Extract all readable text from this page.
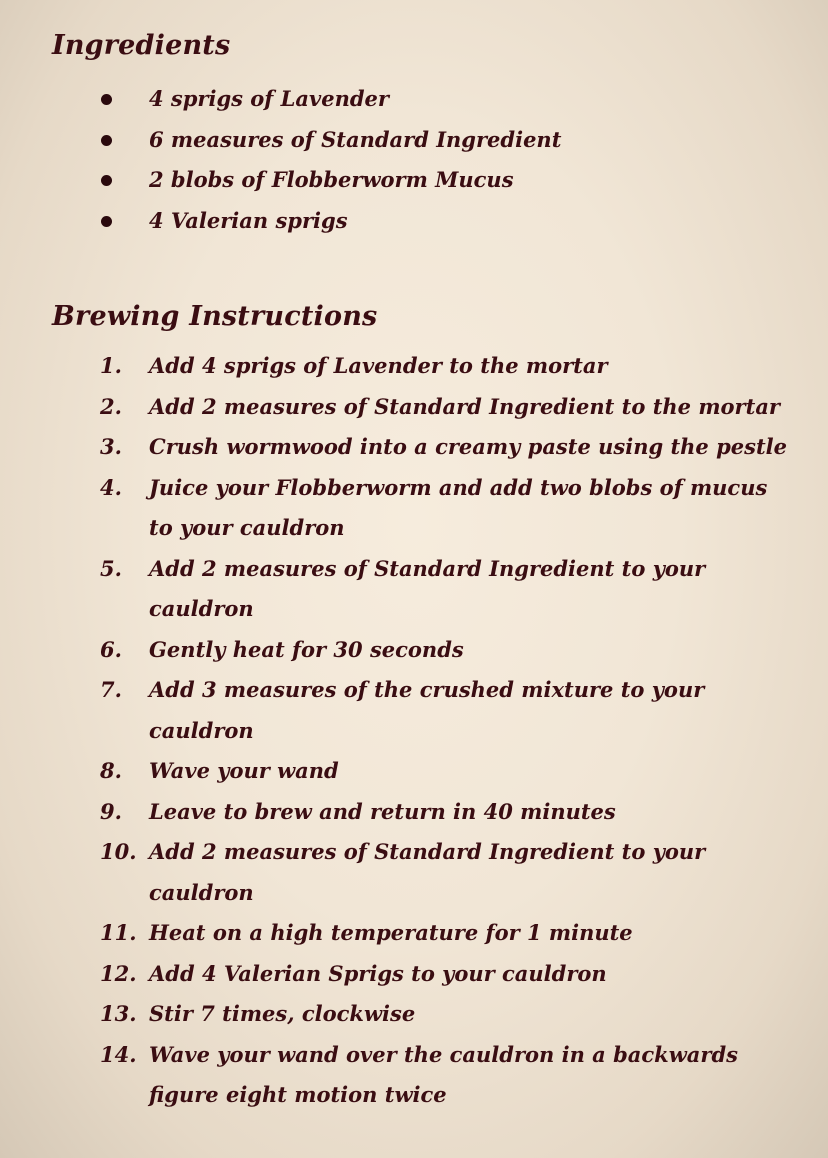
Ingredients
4 sprigs of Lavender
6 measures of Standard Ingredient
2 blobs of Flobberworm Mucus
4 Valerian sprigs
Brewing Instructions
1. Add 4 sprigs of Lavender to the mortar
2. Add 2 measures of Standard Ingredient to the mortar
3. Crush wormwood into a creamy paste using the pestle
4. Juice your Flobberworm and add two blobs of mucus to your cauldron
5. Add 2 measures of Standard Ingredient to your cauldron
6. Gently heat for 30 seconds
7. Add 3 measures of the crushed mixture to your cauldron
8. Wave your wand
9. Leave to brew and return in 40 minutes
10. Add 2 measures of Standard Ingredient to your cauldron
11. Heat on a high temperature for 1 minute
12. Add 4 Valerian Sprigs to your cauldron
13. Stir 7 times, clockwise
14. Wave your wand over the cauldron in a backwards figure eight motion twice
